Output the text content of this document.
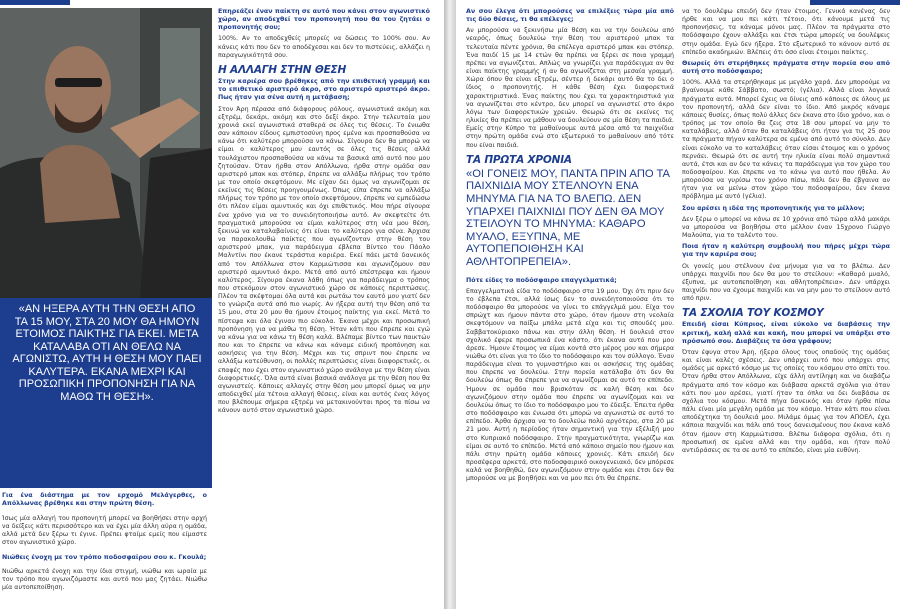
«ΑΝ ΗΞΕΡΑ ΑΥΤΗ ΤΗΝ ΘΕΣΗ ΑΠΟ ΤΑ 15 ΜΟΥ, ΣΤΑ 20 ΜΟΥ ΘΑ ΗΜΟΥΝ ΕΤΟΙΜΟΣ ΠΑΙΚΤΗΣ ΓΙΑ ΕΚΕΙ. ΜΕΤΑ ΚΑΤΑΛΑΒΑ ΟΤΙ ΑΝ ΘΕΛΩ ΝΑ ΑΓΩΝΙΣΤΩ, ΑΥΤΗ Η ΘΕΣΗ ΜΟΥ ΠΑΕΙ ΚΑΛΥΤΕΡΑ. ΕΚΑΝΑ ΜΕΧΡΙ ΚΑΙ ΠΡΟΣΩΠΙΚΗ ΠΡΟΠΟΝΗΣΗ ΓΙΑ ΝΑ ΜΑΘΩ ΤΗ ΘΕΣΗ».

Για ένα διάστημα με τον ερχομό Μελάγερθες, ο Απόλλωνας βρέθηκε και στην πρώτη θέση.

Ίσως μία αλλαγή του προπονητή μπορεί να βοηθήσει στην αρχή να δείξεις κάτι περισσότερο και να έχει μία άλλη αύρα η ομάδα, αλλά μετά δεν ξέρω τι έγινε. Πρέπει φταίμε εμείς που είμαστε στον αγωνιστικό χώρο.

Νιώθεις ένοχη με τον τρόπο ποδοσφαίρου σου κ. Γκουλά;

Νιώθω αρκετά ένοχη και την ίδια στιγμή, νιώθω και ωραία με τον τρόπο που αγωνιζόμαστε και αυτό που μας ζητάει. Νιώθω μία αυτοπεποίθηση.

Επηρεάζει έναν παίκτη σε αυτό που κάνει στον αγωνιστικό χώρο, αν αποδεχθεί τον προπονητή που θα του ζητάει ο προπονητής σου;

100%. Αν το αποδεχθείς μπορείς να δώσεις το 100% σου. Αν κάνεις κάτι που δεν το αποδέχεσαι και δεν το πιστεύεις, αλλάζει η παραγωγικότητά σου.

Η ΑΛΛΑΓΗ ΣΤΗΝ ΘΕΣΗ

Στην καριέρα σου βρέθηκες από την επιθετική γραμμή και το επιθετικό αριστερό άκρο, στο αριστερό αριστερό άκρο. Πως ήταν για σένα αυτή η μετάβαση;

Στον Άρη πέρασα από διάφορους ρόλους, αγωνιστικά ακόμη και εξτρέμ, δεκάρι, ακόμη και στο δεξί άκρο. Στην τελευταία μου χρονιά εκεί αγωνιστικά σταθερά σε όλες τις θέσεις. Το ένιωθα σαν κάποιον είδους εμπιστοσύνη προς εμένα και προσπαθούσα να κάνω ότι καλύτερο μπορούσα να κάνω. Σίγουρα δεν θα μπορώ να είμαι ο καλύτερος μου εαυτός σε όλες τις θέσεις αλλά τουλάχιστον προσπαθούσα να κάνω τα βασικά από αυτό που μου ζητούσαν. Όταν ήρθα στον Απόλλωνα, ήρθα στην ομάδα σαν αριστερό μπακ και στόπερ, έπρεπε να αλλάξω πλήρως τον τρόπο με τον οποίο σκεφτόμουν. Με είχαν δει όμως να αγωνίζομαι σε εκείνες τις θέσεις προηγουμένως. Όπως είπα έπρεπε να αλλάξω πλήρως τον τρόπο με τον οποίο σκεφτόμουν, έπρεπε να εμπεδώσω ότι πλέον είμαι αμυντικός και όχι επιθετικός. Μου πήρε σίγουρα ένα χρόνο για να το συνειδητοποιήσω αυτό. Αν σκεφτείτε ότι πραγματικά μπορούσα να είμαι καλύτερος στη νέα μου θέση, ξεκινώ να καταλαβαίνεις ότι είναι το καλύτερο για σένα. Άρχισα να παρακολουθώ παίκτες που αγωνίζονταν στην θέση του αριστερού μπακ, για παράδειγμα έβλεπα Βίντεο του Πάολο Μαλντίνι που έκανε τεράστια καριέρα. Εκεί πάει μετά δανεικός από τον Απόλλωνα στον Καρμιώτισσα και αγωνιζόμουν σαν αριστερό αμυντικό άκρο. Μετά από αυτό επέστρεψα και ήμουν καλύτερος. Σίγουρα έκανα λάθη όπως για παράδειγμα ο τρόπος που στεκόμουν στον αγωνιστικό χώρο σε κάποιες περιπτώσεις. Πλέον τα σκέφτομαι όλα αυτά και ρωτάω τον εαυτό μου γιατί δεν το γνώριζα αυτά από πιο νωρίς. Αν ήξερα αυτή την θέση από τα 15 μου, στα 20 μου θα ήμουν έτοιμος παίκτης για εκεί. Μετά το πίστεψα και όλα έγιναν πιο εύκολα. Έκανα μέχρι και προσωπική προπόνηση για να μάθω τη θέση. Ήταν κάτι που έπρεπε και εγώ να κάνω για να κάνω τη θέση καλά. Βλέπαμε βίντεο των παικτών που και το έπρεπε να κάνω και κάναμε ειδική προπόνηση και ασκήσεις για την θέση. Μέχρι και τις σπριντ που έπρεπε να αλλάξω κατεύθυνση, οι πολλές περιπτώσεις είναι διαφορετικές, οι επαφές που έχει στον αγωνιστικό χώρο ανάλογα με την θέση είναι διαφορετικές. Όλα αυτά είναι βασικά ανάλογα με την θέση που θα αγωνιστείς. Κάποιες αλλαγές στην θέση μου μπορεί όμως να μην αποδειχθεί μία τέτοια αλλαγή θέσεις, είναι και αυτός ένας λόγος που βλέπουμε σήμερα εξτρέμ να μετακινούνται προς τα πίσω να κάνουν αυτό στον αγωνιστικό χώρο.

Αν σου έλεγα ότι μπορούσες να επιλέξεις τώρα μία από τις δύο θέσεις, τι θα επέλεγες;

Αν μπορούσα να ξεκινήσω μία θέση και να την δουλεύω από νεαρός, όπως δουλεύω την θέση του αριστερού μπακ τα τελευταία πέντε χρόνια, θα επέλεγα αριστερό μπακ και στόπερ. Ένα παιδί 15 με 14 ετών θα πρέπει να ξέρει σε ποια γραμμή πρέπει να αγωνίζεται. Απλώς να γνωρίζει για παράδειγμα αν θα είναι παίκτης γραμμής ή αν θα αγωνίζεται στη μεσαία γραμμή. Χώρα όπου θα είναι εξτρέμ, σέντερ ή δεκάρι αυτό θα το δει ο ίδιος ο προπονητής. Η κάθε θέση έχει διαφορετικά χαρακτηριστικά. Ένας παίκτης που έχει τα χαρακτηριστικά για να αγωνίζεται στο κέντρο, δεν μπορεί να αγωνιστεί στο άκρο λόγω των διαφορετικών χρειών. Θεωρώ ότι σε εκείνες τις ηλικίες θα πρέπει να μάθουν να δουλεύουν σε μία θέση τα παιδιά. Εμείς στην Κύπρο τα μαθαίνουμε αυτά μέσα από τα παιχνίδια στην πρώτη ομάδα ενώ στο εξωτερικό το μαθαίνουν από τότε που είναι παιδιά.

ΤΑ ΠΡΩΤΑ ΧΡΟΝΙΑ
«ΟΙ ΓΟΝΕΙΣ ΜΟΥ, ΠΑΝΤΑ ΠΡΙΝ ΑΠΟ ΤΑ ΠΑΙΧΝΙΔΙΑ ΜΟΥ ΣΤΕΛΝΟΥΝ ΕΝΑ ΜΗΝΥΜΑ ΓΙΑ ΝΑ ΤΟ ΒΛΕΠΩ. ΔΕΝ ΥΠΑΡΧΕΙ ΠΑΙΧΝΙΔΙ ΠΟΥ ΔΕΝ ΘΑ ΜΟΥ ΣΤΕΙΛΟΥΝ ΤΟ ΜΗΝΥΜΑ: ΚΑΘΑΡΟ ΜΥΑΛΟ, ΕΞΥΠΝΑ, ΜΕ ΑΥΤΟΠΕΠΟΙΘΗΣΗ ΚΑΙ ΑΘΛΗΤΟΠΡΕΠΕΙΑ».

Πότε είδες το ποδόσφαιρο επαγγελματικά;

Επαγγελματικά είδα το ποδόσφαιρο στα 19 μου. Όχι ότι πριν δεν το έβλεπα έτσι, αλλά ίσως δεν το συνειδητοποιούσα ότι το ποδόσφαιρο θα μπορούσε να γίνει το επάγγελμά μου. Είχα τον σπρώχτ και ήμουν πάντα στο χώρο, όταν ήμουν στη νεολαία σκεφτόμουν να παίξω μπάλα μετά είχα και τις σπουδές μου. Σαββατοκύριακο πάνω και στην άλλη θέση. Η δουλειά στον σχολικό έφερε προσωπικά ένα κάστο, ότι έκανα αυτό που μου άρεσε. Ήμουν έτοιμος να είμαι κοντά στο μέρος μου και σήμερα νιώθω ότι είναι για το ίδιο το ποδόσφαιρο και τον σύλλογο. Έναν παράδειγμα είναι το γυμναστήριο και οι ασκήσεις της ομάδας που έπρεπε να δουλεύω. Στην πορεία κατάλαβα ότι δεν θα δουλεύω όπως θα έπρεπε για να αγωνίζομαι σε αυτό το επίπεδο. Ήμουν σε ομάδα που βρισκόταν σε καλή θέση και δεν αγωνιζόμουν στην ομάδα που έπρεπε να αγωνίζομαι και να δουλεύω όπως το ίδιο το ποδόσφαιρο μου το έδειξε. Έπειτα ήρθα στο ποδόσφαιρο και ένιωσα ότι μπορώ να αγωνιστώ σε αυτό το επίπεδο. Άρθα άρχισα να το δουλεύω πολύ αργότερα, στα 20 με 21 μου. Αυτή η περίοδος ήταν σημαντική για την εξέλιξή μου στο Κυπριακό ποδόσφαιρο. Στην πραγματικότητα, γνωρίζω και είμαι σε αυτό το επίπεδο. Μετά από κάποιο σημείο που ήμουν και πάλι στην πρώτη ομάδα κάποιες χρονιές. Κάτι επειδή δεν προσέφερα αρκετά, στο ποδοσφαιρικό οικογενειακό, δεν μπόρεσε καλά να βοηθηθώ, δεν αγωνιζόμουν στην ομάδα και έτσι δεν θα μπορούσε να με βοηθήσει και να μου πει ότι θα έπρεπε.

να το δουλέψω επειδή δεν ήταν έτοιμος. Γενικά κανένας δεν ήρθε και να μου πει κάτι τέτοιο, ότι κάνουμε μετά τις προπονήσεις, τα κάναμε μόνοι μας. Πλέον τα πράγματα στο ποδόσφαιρο έχουν αλλάξει και έτσι τώρα μπορείς να δουλέψεις στην ομάδα. Εγώ δεν ήξερα. Στο εξωτερικό το κάνουν αυτό σε επίπεδο ακαδημιών. Βλέπεις ότι όσο είναι έτοιμοι παίκτες.

Θεωρείς ότι στερήθηκες πράγματα στην πορεία σου από αυτή στο ποδόσφαιρο;

100%. Αλλά τα στερήθηκαμε με μεγάλο χαρά. Δεν μπορούμε να βγαίνουμε κάθε Σάββατο, σωστό; (γέλια). Αλλά είναι λογικά πράγματα αυτά. Μπορεί έχεις να δίνεις από κάποιες σε όλους με τον προπονητή, αλλά δεν είναι το ίδιο. Από μικρός κάναμε κάποιες θυσίες, όπως πολύ άλλες δεν έκανα στο ίδιο χρόνο, και ο τρόπος με τον οποίο θα ζεις στα 18 σου μπορεί να μην το καταλάβεις, αλλά όταν θα καταλάβεις ότι ήταν για τις 25 σου τα πράγματα πήγαν καλύτερα σε εμένα από αυτό το σύνολο. Δεν είναι εύκολο να το καταλάβεις όταν είσαι έτοιμος και ο χρόνος περνάει. Θεωρώ ότι σε αυτή την ηλικία είναι πολύ σημαντικά αυτά, έτσι και αν δεν τα κάνεις τα παράδειγμα για τον χώρο του ποδοσφαίρου. Και έπρεπε να το κάνω για αυτό που ήθελα. Αν μπορούσα να γυρίσω τον χρόνο πίσω, πάλι δεν θα έβγαινα αν ήταν για να μείνω στον χώρο του ποδοσφαίρου, δεν έκανα πρόβλημα με αυτό (γέλια).

Σου αρέσει η ιδέα της προπονητικής για το μέλλον;

Δεν ξέρω ο μπορεί να κάνω σε 10 χρόνια από τώρα αλλά μακάρι να μπορούσα να βοηθήσω στο μέλλον έναν 15χρονο Γιώργο Μαλούπα, για το ταλέντο του.

Ποια ήταν η καλύτερη συμβουλή που πήρες μέχρι τώρα για την καριέρα σου;

Οι γονείς μου στέλνουν ένα μήνυμα για να το βλέπω. Δεν υπάρχει παιχνίδι που δεν θα μου το στείλουν: «Καθαρό μυαλό, έξυπνα, με αυτοπεποίθηση και αθλητοπρέπεια». Δεν υπάρχει παιχνίδι που να έχουμε παιχνίδι και να μην μου το στείλουν αυτό από πριν.

ΤΑ ΣΧΟΛΙΑ ΤΟΥ ΚΟΣΜΟΥ

Επειδή είσαι Κύπριος, είναι εύκολο να διαβάσεις την κριτική, καλή αλλά και κακή, που μπορεί να υπάρξει στο πρόσωπό σου. Διαβάζεις τα όσα γράφουν;

Όταν έφυγα στον Άρη, ήξερα όλους τους οπαδούς της ομάδας και είναι καλές σχέσεις. Δεν υπάρχει αυτό που υπάρχει στις ομάδες με αρκετό κόσμο με τις οποίες του κόσμου στο σπίτι του. Όταν ήρθα στον Απόλλωνα, είχε άλλη αντίληψη και να διαβάζω πράγματα από τον κόσμο και διάβασα αρκετά σχόλια για όταν κάτι που μου αρέσει, γιατί ήταν τα όπλα να δει διαβάσω σε σχόλια του κόσμου. Μετά πήγα δανεικός και όταν ήρθα πίσω πάλι είναι μία μεγάλη ομάδα με τον κόσμο. Ήταν κάτι που είναι αποδέχτηκα τη δουλειά μου. Μιλάμε όμως για τον ΑΠΟΕΛ, έχει κάποια παιχνίδι και πάλι από τους δανεισμένους που έκανα καλό όταν ήμουν στη Καρμιώτισσα. Βλέπω διάφορα σχόλια, ότι η προσωπική σε εμένα αλλά και την ομάδα, και ήταν πολύ αντιδράσεις σε τα σε αυτό το επίπεδο, είναι μία ευθύνη.
